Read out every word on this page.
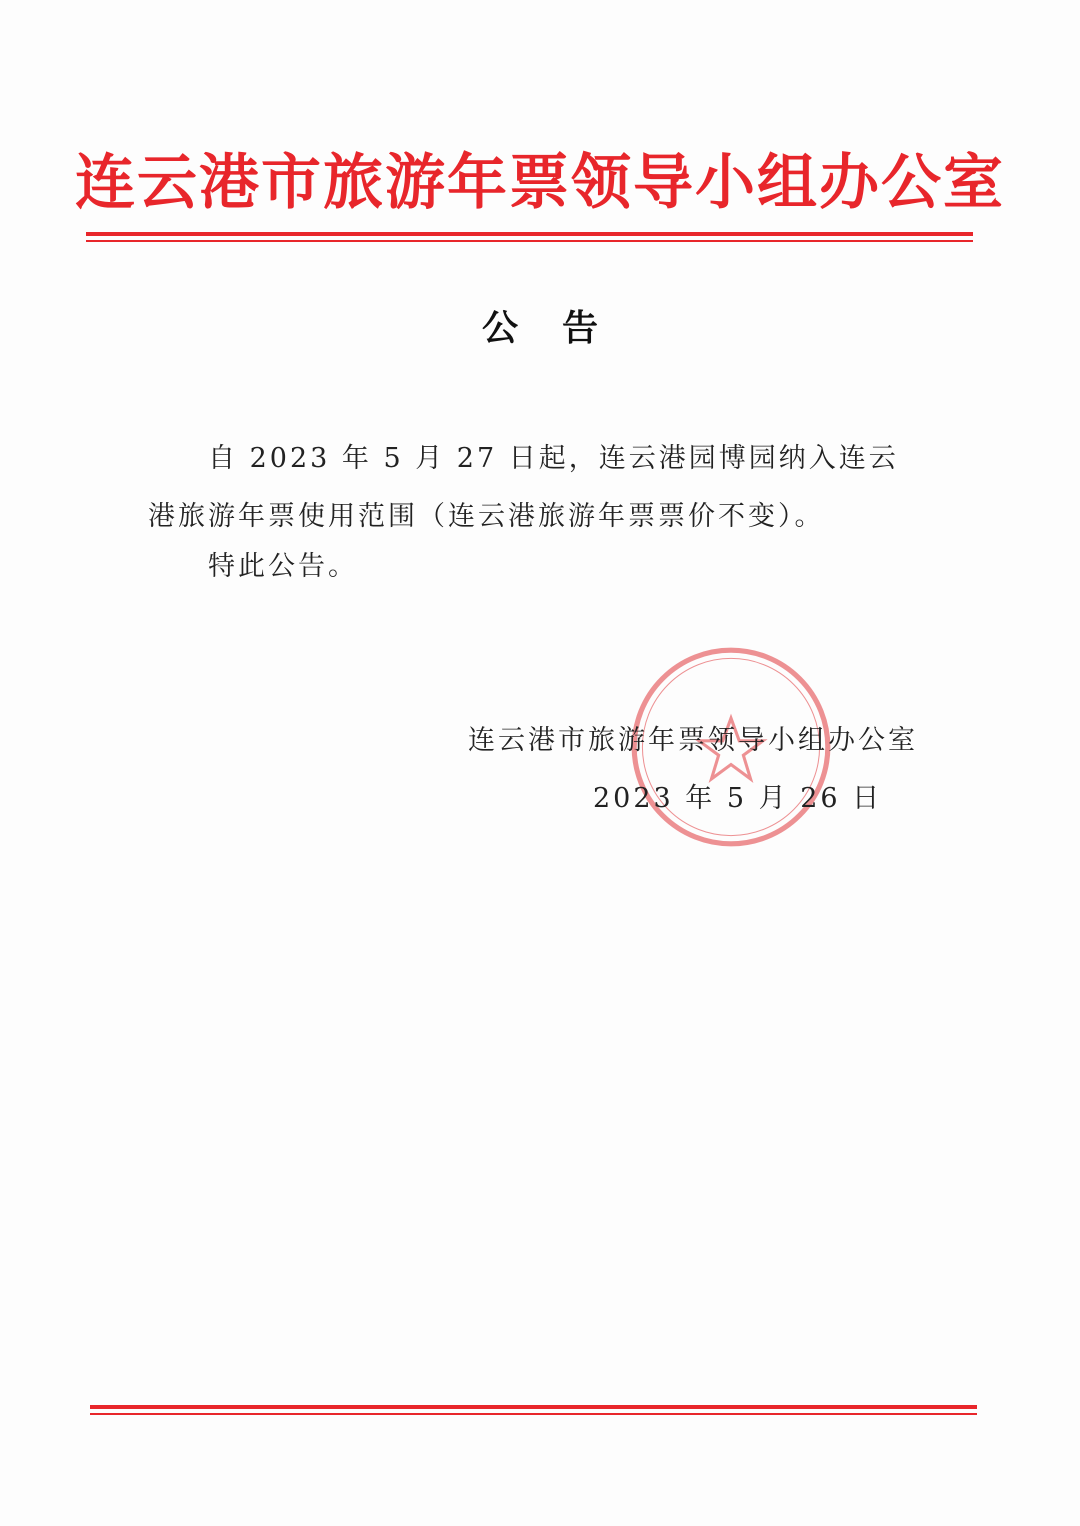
连云港市旅游年票领导小组办公室
公告

自 2023 年 5 月 27 日起，连云港园博园纳入连云港旅游年票使用范围（连云港旅游年票票价不变）。

特此公告。
连云港市旅游年票领导小组办公室
2023 年 5 月 26 日
